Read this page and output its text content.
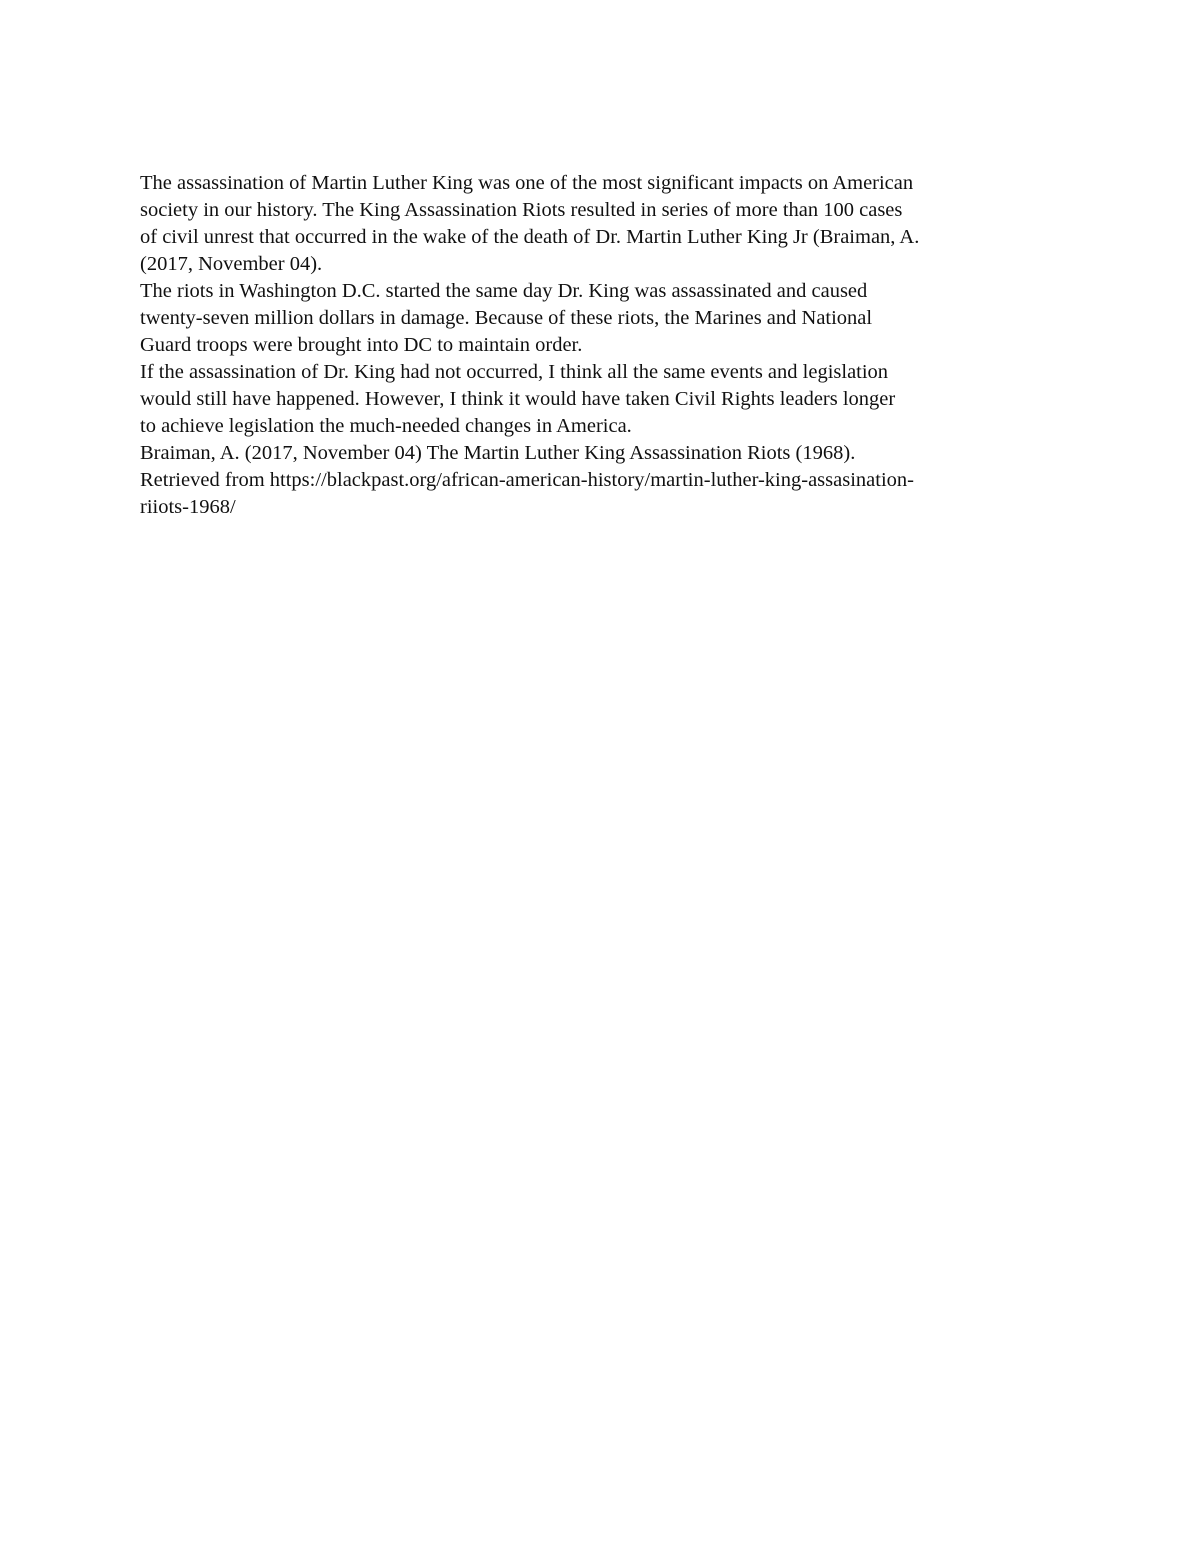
The assassination of Martin Luther King was one of the most significant impacts on American
society in our history. The King Assassination Riots resulted in series of more than 100 cases
of civil unrest that occurred in the wake of the death of Dr. Martin Luther King Jr (Braiman, A.
(2017, November 04).
The riots in Washington D.C. started the same day Dr. King was assassinated and caused
twenty-seven million dollars in damage. Because of these riots, the Marines and National
Guard troops were brought into DC to maintain order.

If the assassination of Dr. King had not occurred, I think all the same events and legislation
would still have happened. However, I think it would have taken Civil Rights leaders longer
to achieve legislation the much-needed changes in America.

Braiman, A. (2017, November 04) The Martin Luther King Assassination Riots (1968).
Retrieved from https://blackpast.org/african-american-history/martin-luther-king-assasination-
riiots-1968/
